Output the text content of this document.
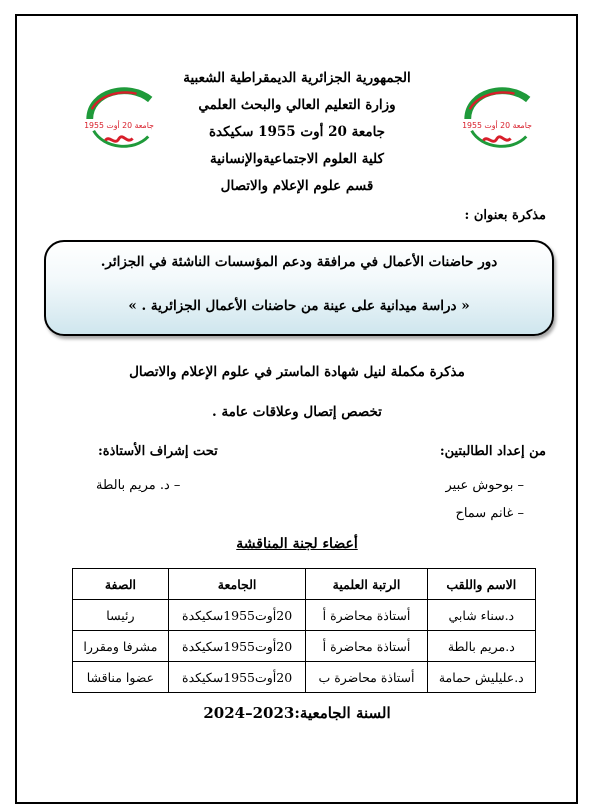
جامعة 20 أوت 1955	جامعة 20 أوت 1955
الجمهورية الجزائرية الديمقراطية الشعبية
وزارة التعليم العالي والبحث العلمي
جامعة 20 أوت 1955 سكيكدة
كلية العلوم الاجتماعيةوالإنسانية
قسم علوم الإعلام والاتصال
مذكرة بعنوان :
دور حاضنات الأعمال في مرافقة ودعم المؤسسات الناشئة في الجزائر.
« دراسة ميدانية على عينة من حاضنات الأعمال الجزائرية . »
مذكرة مكملة لنيل شهادة الماستر في علوم الإعلام والاتصال
تخصص إتصال وعلاقات عامة .
من إعداد الطالبتين:
تحت إشراف الأستاذة:
– بوحوش عبير
– غانم سماح
– د. مريم بالطة
أعضاء لجنة المناقشة
الاسم واللقب	الرتبة العلمية	الجامعة	الصفة
د.سناء شابي	أستاذة محاضرة أ	20أوت1955سكيكدة	رئيسا
د.مريم بالطة	أستاذة محاضرة أ	20أوت1955سكيكدة	مشرفا ومقررا
د.عليليش حمامة	أستاذة محاضرة ب	20أوت1955سكيكدة	عضوا مناقشا
السنة الجامعية:2023–2024
